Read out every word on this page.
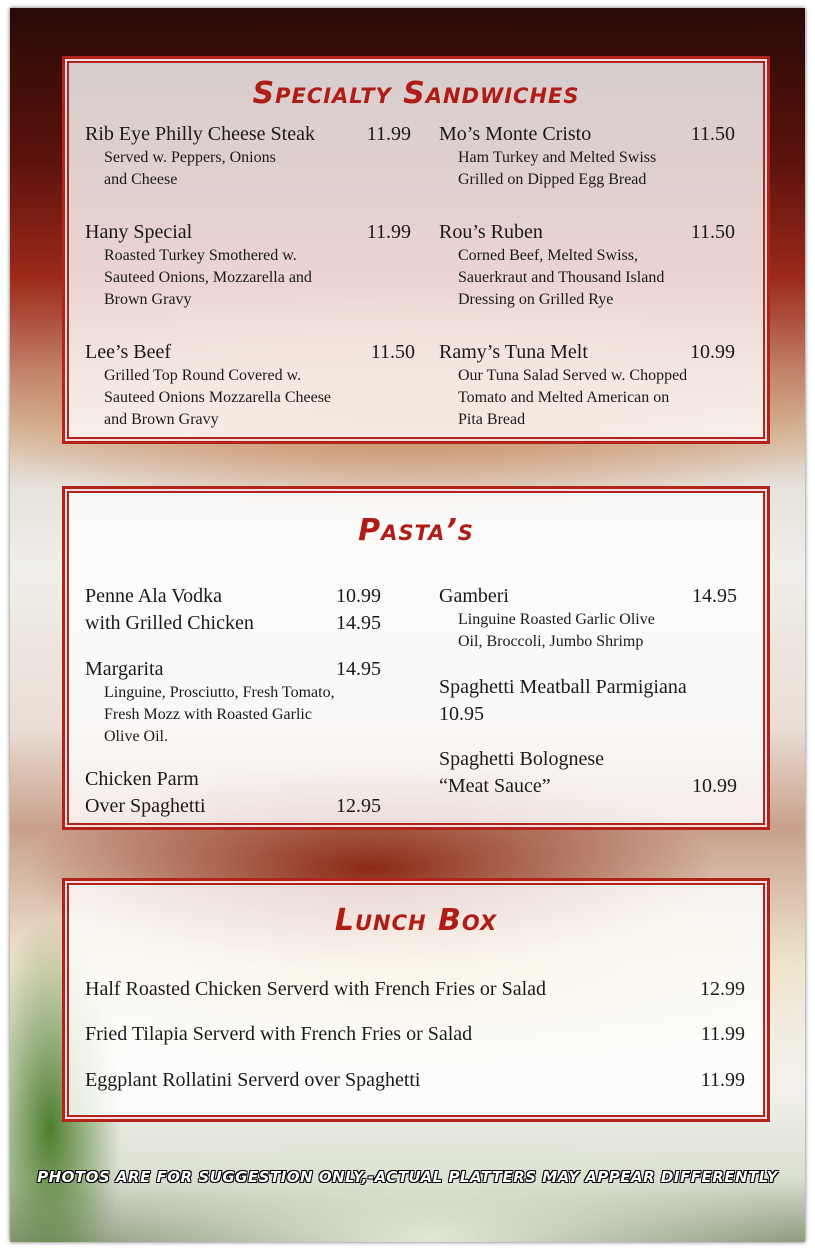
Specialty Sandwiches
Rib Eye Philly Cheese Steak	11.99
Served w. Peppers, Onions
and Cheese
Hany Special	11.99
Roasted Turkey Smothered w.
Sauteed Onions, Mozzarella and
Brown Gravy
Lee’s Beef	11.50
Grilled Top Round Covered w.
Sauteed Onions Mozzarella Cheese
and Brown Gravy
Mo’s Monte Cristo	11.50
Ham Turkey and Melted Swiss
Grilled on Dipped Egg Bread
Rou’s Ruben	11.50
Corned Beef, Melted Swiss,
Sauerkraut and Thousand Island
Dressing on Grilled Rye
Ramy’s Tuna Melt	10.99
Our Tuna Salad Served w. Chopped
Tomato and Melted American on
Pita Bread
Pasta’s
Penne Ala Vodka	10.99
with Grilled Chicken	14.95
Margarita	14.95
Linguine, Prosciutto, Fresh Tomato,
Fresh Mozz with Roasted Garlic
Olive Oil.
Chicken Parm
Over Spaghetti	12.95
Gamberi	14.95
Linguine Roasted Garlic Olive
Oil, Broccoli, Jumbo Shrimp
Spaghetti Meatball Parmigiana
10.95
Spaghetti Bolognese
“Meat Sauce”	10.99
Lunch Box
Half Roasted Chicken Serverd with French Fries or Salad	12.99
Fried Tilapia Serverd with French Fries or Salad	11.99
Eggplant Rollatini Serverd over Spaghetti	11.99
PHOTOS ARE FOR SUGGESTION ONLY,-ACTUAL PLATTERS MAY APPEAR DIFFERENTLY
